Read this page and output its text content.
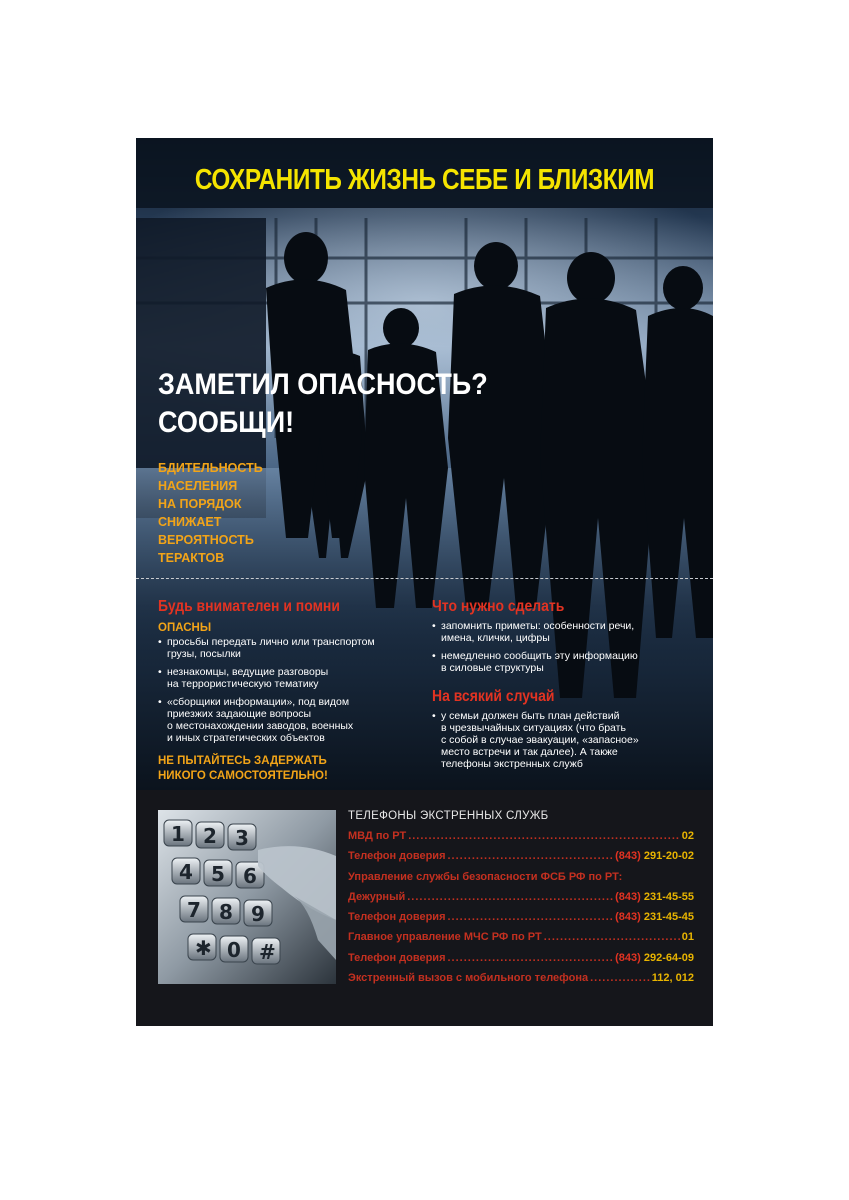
СОХРАНИТЬ ЖИЗНЬ СЕБЕ И БЛИЗКИМ
ЗАМЕТИЛ ОПАСНОСТЬ?
СООБЩИ!
БДИТЕЛЬНОСТЬ
НАСЕЛЕНИЯ
НА ПОРЯДОК
СНИЖАЕТ
ВЕРОЯТНОСТЬ
ТЕРАКТОВ
Будь внимателен и помни
ОПАСНЫ
• просьбы передать лично или транспортом
грузы, посылки
• незнакомцы, ведущие разговоры
на террористическую тематику
• «сборщики информации», под видом
приезжих задающие вопросы
о местонахождении заводов, военных
и иных стратегических объектов
НЕ ПЫТАЙТЕСЬ ЗАДЕРЖАТЬ
НИКОГО САМОСТОЯТЕЛЬНО!
Что нужно сделать
• запомнить приметы: особенности речи,
имена, клички, цифры
• немедленно сообщить эту информацию
в силовые структуры
На всякий случай
• у семьи должен быть план действий
в чрезвычайных ситуациях (что брать
с собой в случае эвакуации, «запасное»
место встречи и так далее). А также
телефоны экстренных служб
1 2 3
4 5 6
7 8 9
✱ 0 #
ТЕЛЕФОНЫ ЭКСТРЕННЫХ СЛУЖБ
МВД по РТ .....	02
Телефон доверия .....	(843) 291-20-02
Управление службы безопасности ФСБ РФ по РТ:
Дежурный .....	(843) 231-45-55
Телефон доверия .....	(843) 231-45-45
Главное управление МЧС РФ по РТ .....	01
Телефон доверия .....	(843) 292-64-09
Экстренный вызов с мобильного телефона .....	112, 012
